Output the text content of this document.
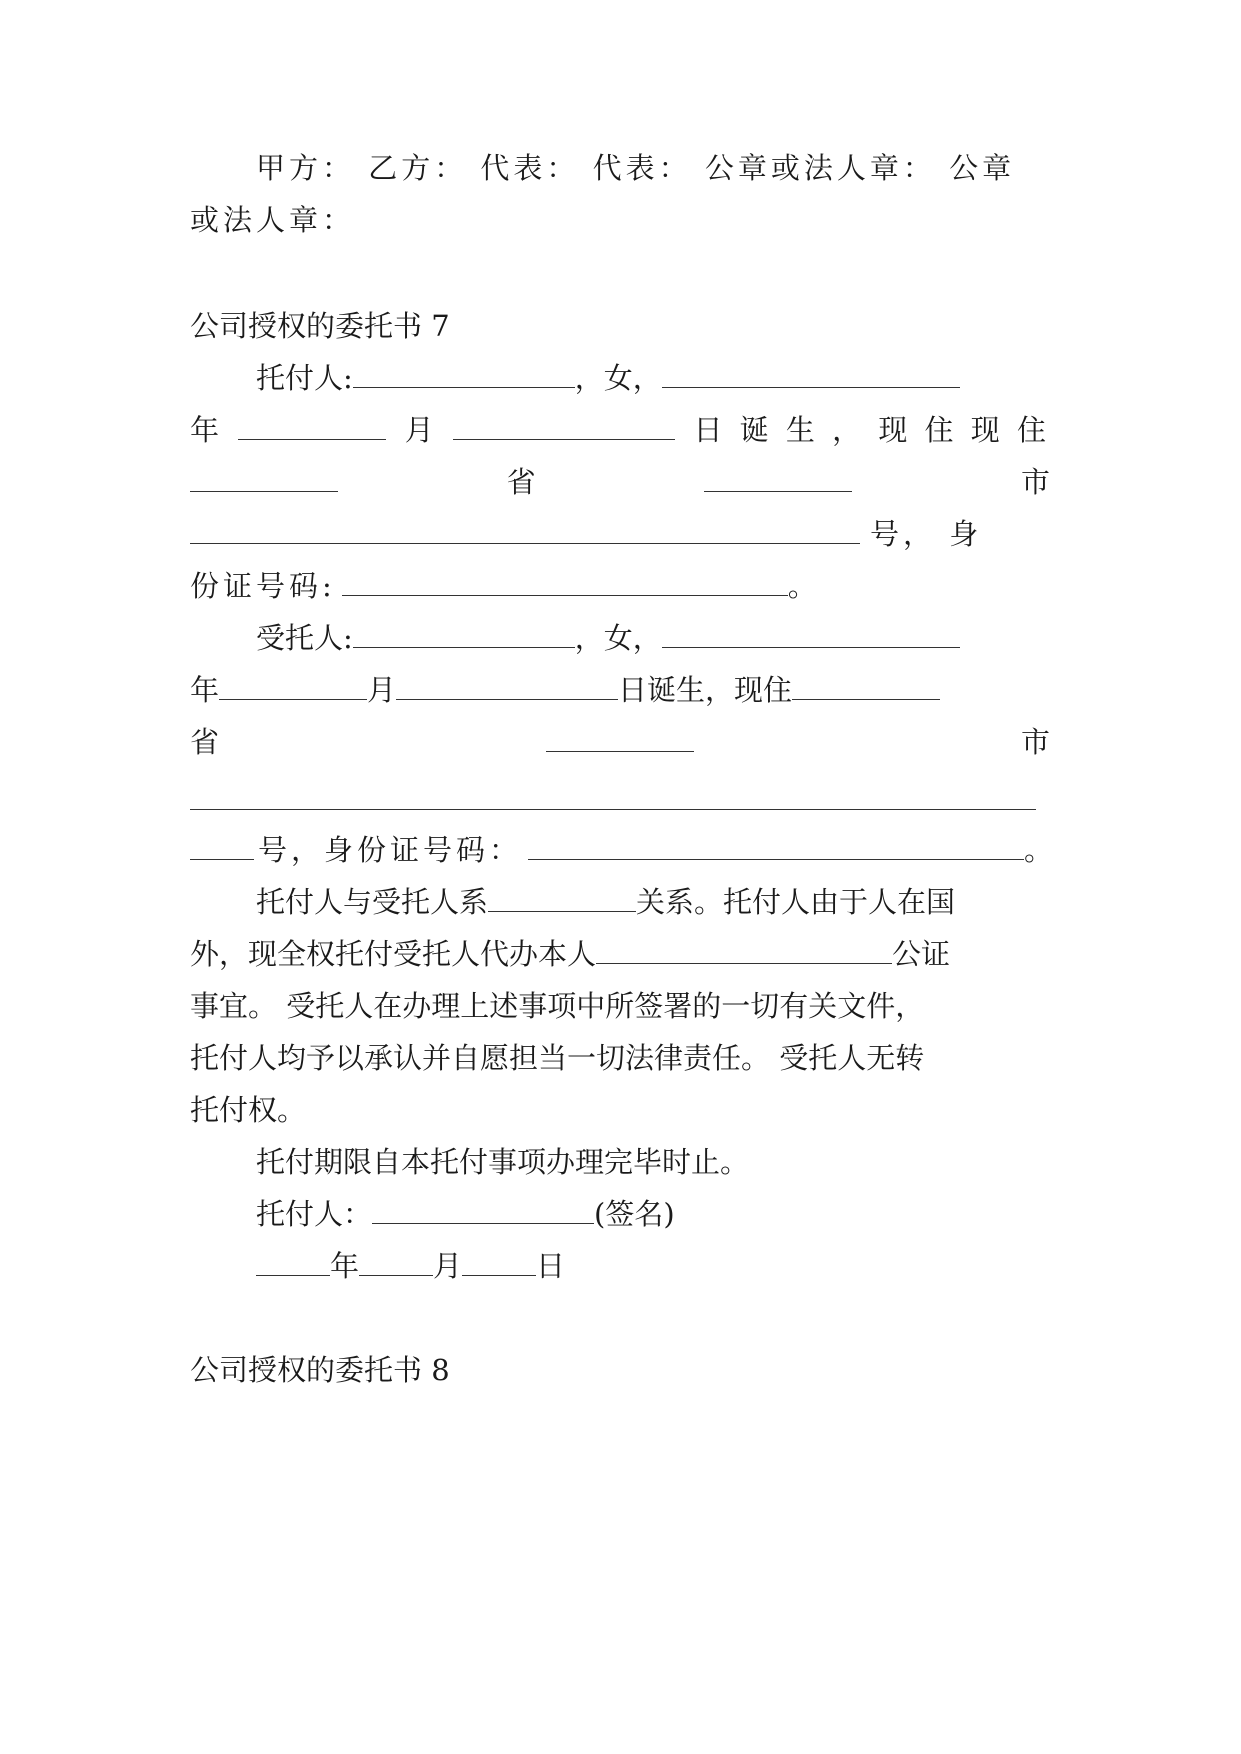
甲方： 乙方： 代表： 代表： 公章或法人章： 公章
或法人章：
公司授权的委托书 7
托付人:	，女，
年	月	日 诞 生 ， 现 住 现 住
省	市
号， 身
份证号码:	。
受托人:	，女，
年	月	日诞生，现住
省	市
号，身份证号码：	。
托付人与受托人系	关系。托付人由于人在国
外，现全权托付受托人代办本人	公证
事宜。 受托人在办理上述事项中所签署的一切有关文件，
托付人均予以承认并自愿担当一切法律责任。 受托人无转
托付权。
托付期限自本托付事项办理完毕时止。
托付人：	(签名)
年	月	日
公司授权的委托书 8
